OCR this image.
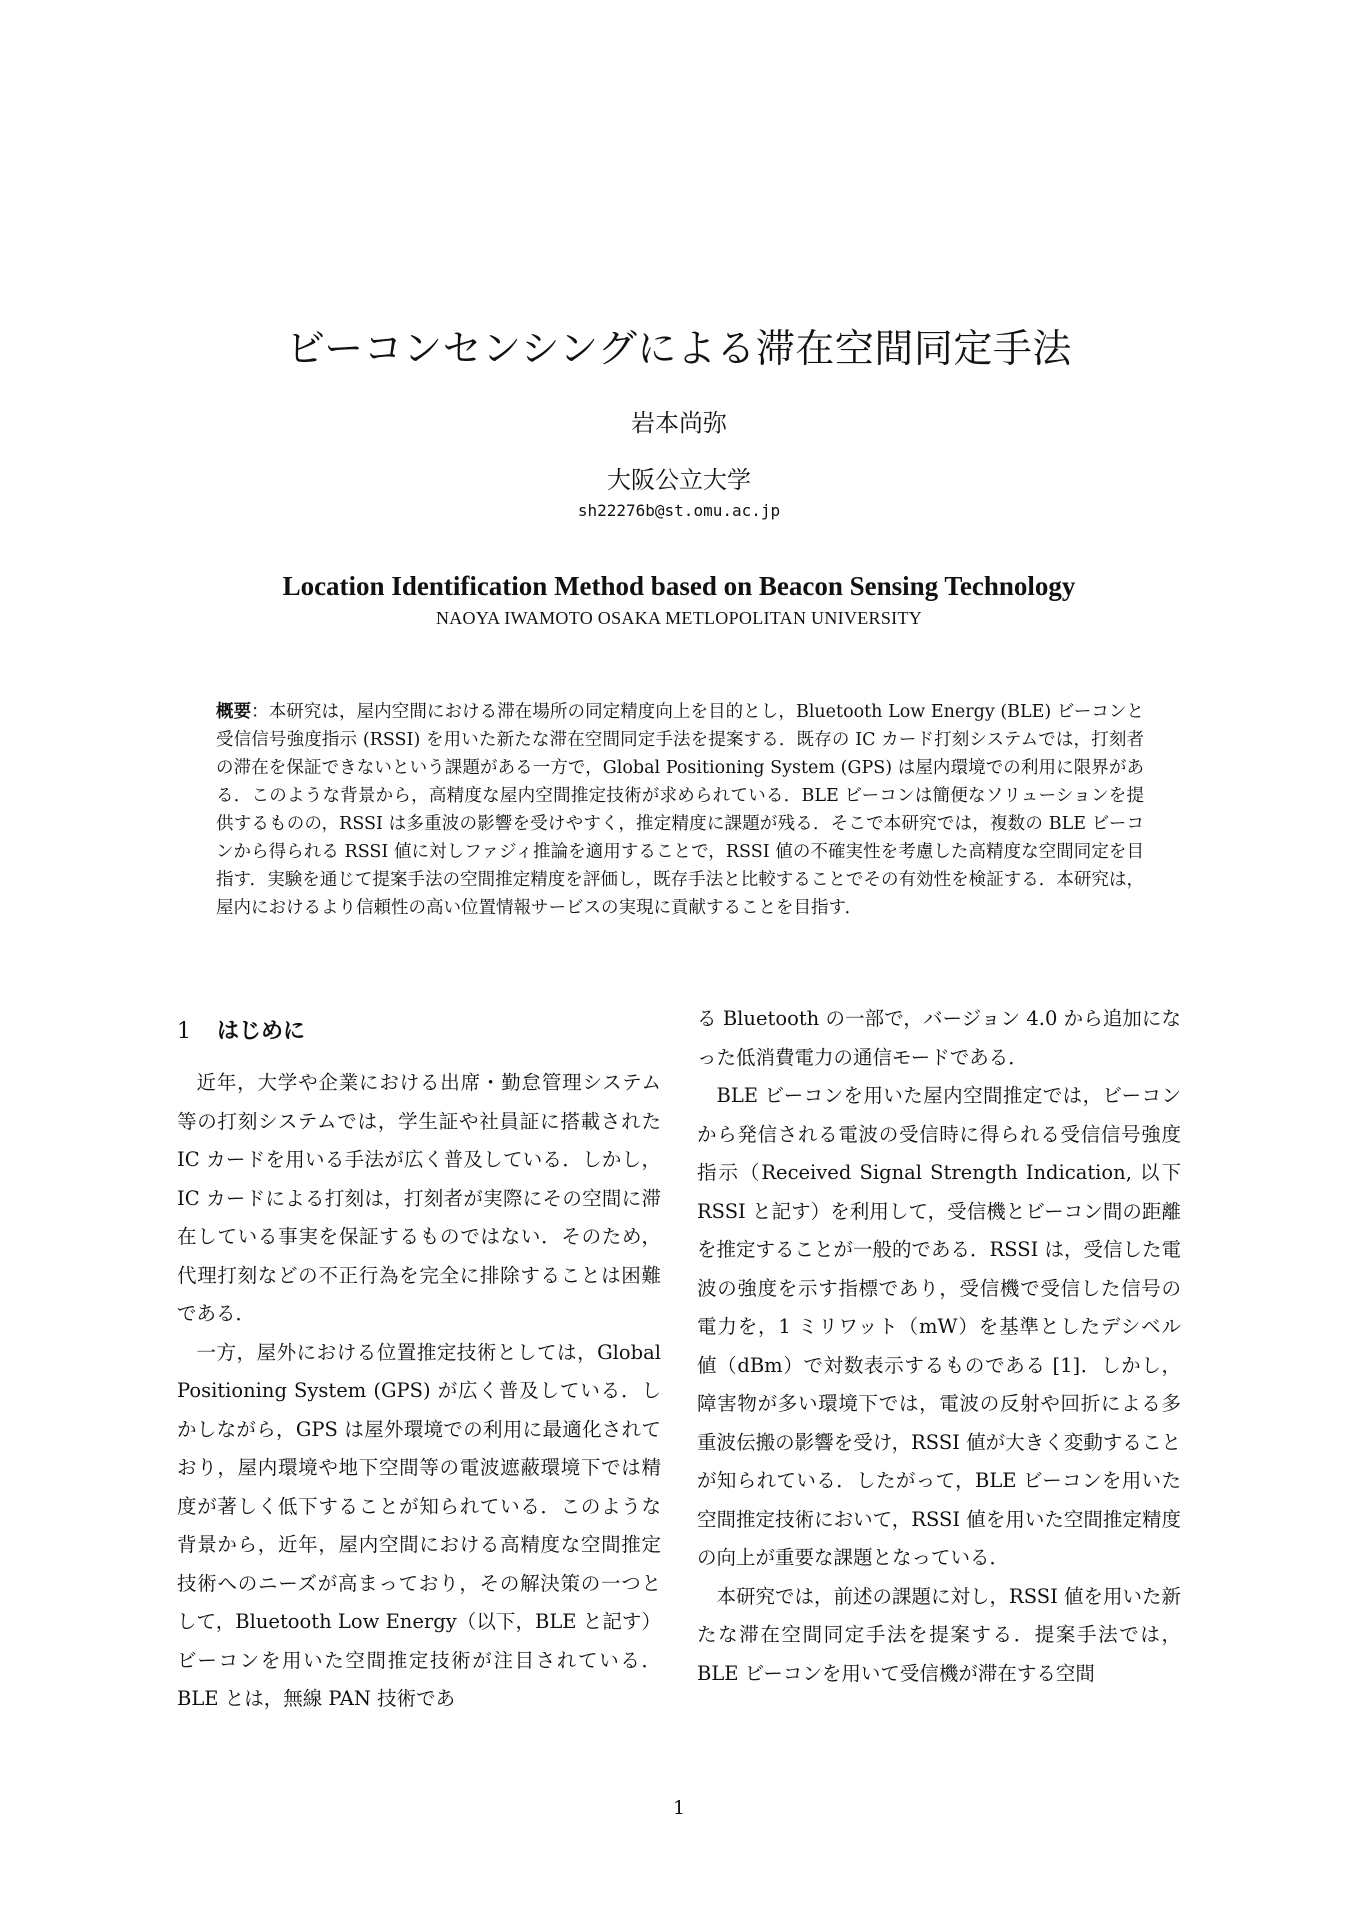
ビーコンセンシングによる滞在空間同定手法
岩本尚弥
大阪公立大学
sh22276b@st.omu.ac.jp
Location Identification Method based on Beacon Sensing Technology
NAOYA IWAMOTO OSAKA METLOPOLITAN UNIVERSITY
概要：本研究は，屋内空間における滞在場所の同定精度向上を目的とし，Bluetooth Low Energy (BLE) ビーコンと受信信号強度指示 (RSSI) を用いた新たな滞在空間同定手法を提案する．既存の IC カード打刻システムでは，打刻者の滞在を保証できないという課題がある一方で，Global Positioning System (GPS) は屋内環境での利用に限界がある．このような背景から，高精度な屋内空間推定技術が求められている．BLE ビーコンは簡便なソリューションを提供するものの，RSSI は多重波の影響を受けやすく，推定精度に課題が残る．そこで本研究では，複数の BLE ビーコンから得られる RSSI 値に対しファジィ推論を適用することで，RSSI 値の不確実性を考慮した高精度な空間同定を目指す．実験を通じて提案手法の空間推定精度を評価し，既存手法と比較することでその有効性を検証する．本研究は，屋内におけるより信頼性の高い位置情報サービスの実現に貢献することを目指す．
1 はじめに

近年，大学や企業における出席・勤怠管理システム等の打刻システムでは，学生証や社員証に搭載された IC カードを用いる手法が広く普及している．しかし，IC カードによる打刻は，打刻者が実際にその空間に滞在している事実を保証するものではない．そのため，代理打刻などの不正行為を完全に排除することは困難である．

一方，屋外における位置推定技術としては，Global Positioning System (GPS) が広く普及している．しかしながら，GPS は屋外環境での利用に最適化されており，屋内環境や地下空間等の電波遮蔽環境下では精度が著しく低下することが知られている．このような背景から，近年，屋内空間における高精度な空間推定技術へのニーズが高まっており，その解決策の一つとして，Bluetooth Low Energy（以下，BLE と記す）ビーコンを用いた空間推定技術が注目されている．BLE とは，無線 PAN 技術であ

る Bluetooth の一部で，バージョン 4.0 から追加になった低消費電力の通信モードである．

BLE ビーコンを用いた屋内空間推定では，ビーコンから発信される電波の受信時に得られる受信信号強度指示（Received Signal Strength Indication, 以下 RSSI と記す）を利用して，受信機とビーコン間の距離を推定することが一般的である．RSSI は，受信した電波の強度を示す指標であり，受信機で受信した信号の電力を，1 ミリワット（mW）を基準としたデシベル値（dBm）で対数表示するものである [1]．しかし，障害物が多い環境下では，電波の反射や回折による多重波伝搬の影響を受け，RSSI 値が大きく変動することが知られている．したがって，BLE ビーコンを用いた空間推定技術において，RSSI 値を用いた空間推定精度の向上が重要な課題となっている．

本研究では，前述の課題に対し，RSSI 値を用いた新たな滞在空間同定手法を提案する．提案手法では，BLE ビーコンを用いて受信機が滞在する空間

1
